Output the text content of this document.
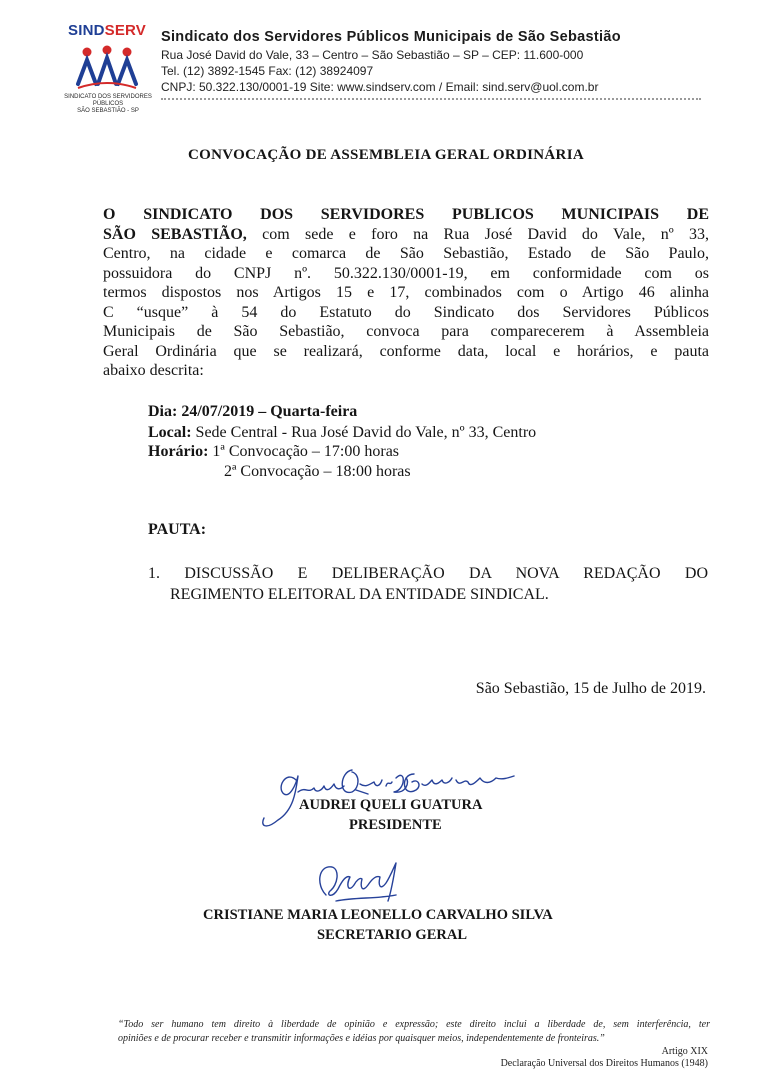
SINDSERV
SINDICATO DOS SERVIDORES PÚBLICOS
SÃO SEBASTIÃO - SP
Sindicato dos Servidores Públicos Municipais de São Sebastião
Rua José David do Vale, 33 – Centro – São Sebastião – SP – CEP: 11.600-000
Tel. (12) 3892-1545 Fax: (12) 38924097
CNPJ: 50.322.130/0001-19 Site: www.sindserv.com / Email: sind.serv@uol.com.br
CONVOCAÇÃO DE ASSEMBLEIA GERAL ORDINÁRIA
O SINDICATO DOS SERVIDORES PUBLICOS MUNICIPAIS DE
SÃO SEBASTIÃO, com sede e foro na Rua José David do Vale, nº 33,
Centro, na cidade e comarca de São Sebastião, Estado de São Paulo,
possuidora do CNPJ nº. 50.322.130/0001-19, em conformidade com os
termos dispostos nos Artigos 15 e 17, combinados com o Artigo 46 alinha
C “usque” à 54 do Estatuto do Sindicato dos Servidores Públicos
Municipais de São Sebastião, convoca para comparecerem à Assembleia
Geral Ordinária que se realizará, conforme data, local e horários, e pauta
abaixo descrita:
Dia: 24/07/2019 – Quarta-feira
Local: Sede Central - Rua José David do Vale, nº 33, Centro
Horário: 1ª Convocação – 17:00 horas
2ª Convocação – 18:00 horas
PAUTA:
1. DISCUSSÃO E DELIBERAÇÃO DA NOVA REDAÇÃO DO
REGIMENTO ELEITORAL DA ENTIDADE SINDICAL.
São Sebastião, 15 de Julho de 2019.
AUDREI QUELI GUATURA
PRESIDENTE
CRISTIANE MARIA LEONELLO CARVALHO SILVA
SECRETARIO GERAL
“Todo ser humano tem direito à liberdade de opinião e expressão; este direito inclui a liberdade de, sem interferência, ter
opiniões e de procurar receber e transmitir informações e idéias por quaisquer meios, independentemente de fronteiras.”
Artigo XIX
Declaração Universal dos Direitos Humanos (1948)
